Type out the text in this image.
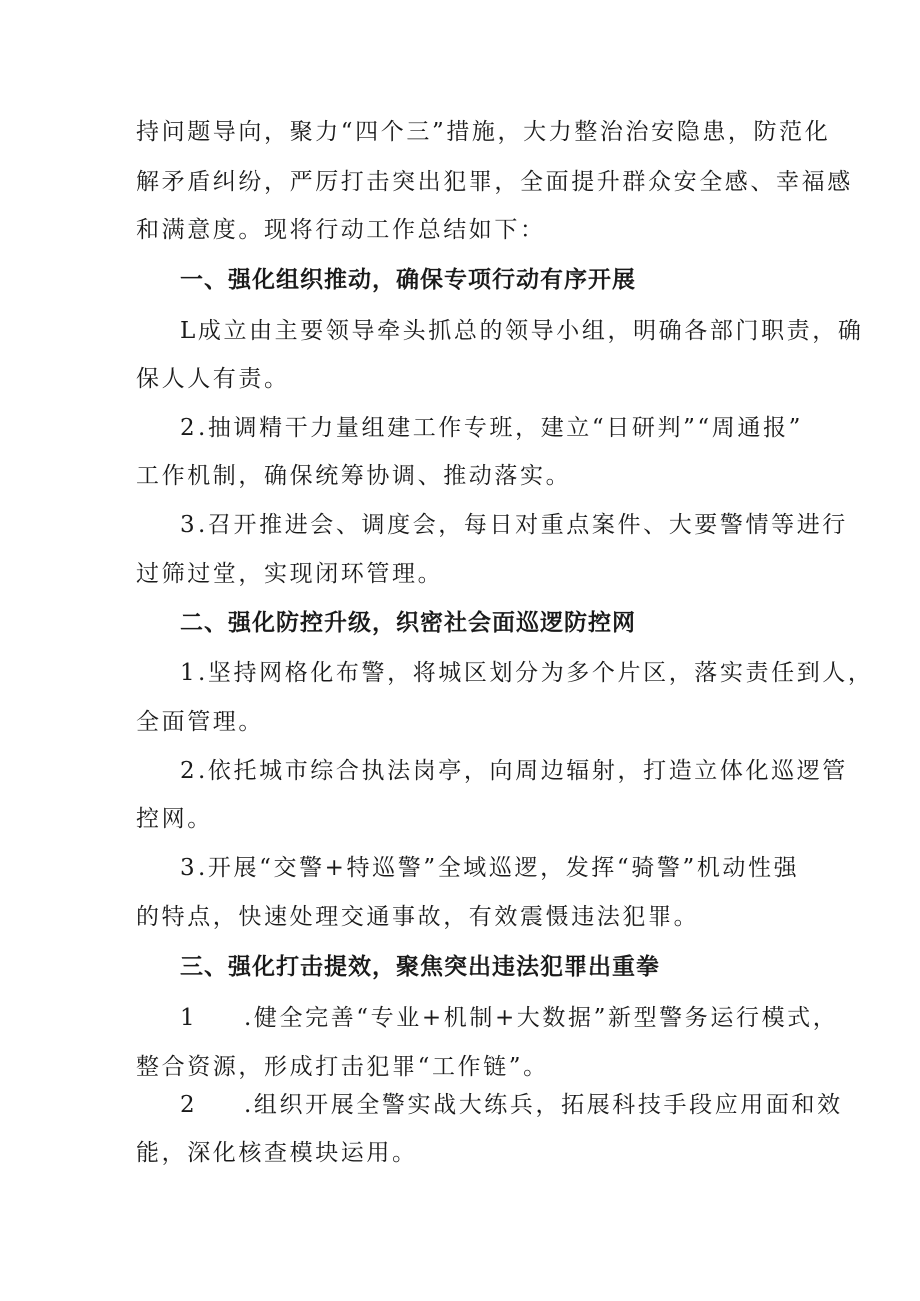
持问题导向，聚力“四个三”措施，大力整治治安隐患，防范化

解矛盾纠纷，严厉打击突出犯罪，全面提升群众安全感、幸福感

和满意度。现将行动工作总结如下：

一、强化组织推动，确保专项行动有序开展

L成立由主要领导牵头抓总的领导小组，明确各部门职责，确

保人人有责。

2.抽调精干力量组建工作专班，建立“日研判”“周通报”

工作机制，确保统筹协调、推动落实。

3.召开推进会、调度会，每日对重点案件、大要警情等进行

过筛过堂，实现闭环管理。

二、强化防控升级，织密社会面巡逻防控网

1.坚持网格化布警，将城区划分为多个片区，落实责任到人，

全面管理。

2.依托城市综合执法岗亭，向周边辐射，打造立体化巡逻管

控网。

3.开展“交警+特巡警”全域巡逻，发挥“骑警”机动性强

的特点，快速处理交通事故，有效震慑违法犯罪。

三、强化打击提效，聚焦突出违法犯罪出重拳

1 .健全完善“专业+机制+大数据”新型警务运行模式，

整合资源，形成打击犯罪“工作链”。

2 .组织开展全警实战大练兵，拓展科技手段应用面和效

能，深化核查模块运用。
